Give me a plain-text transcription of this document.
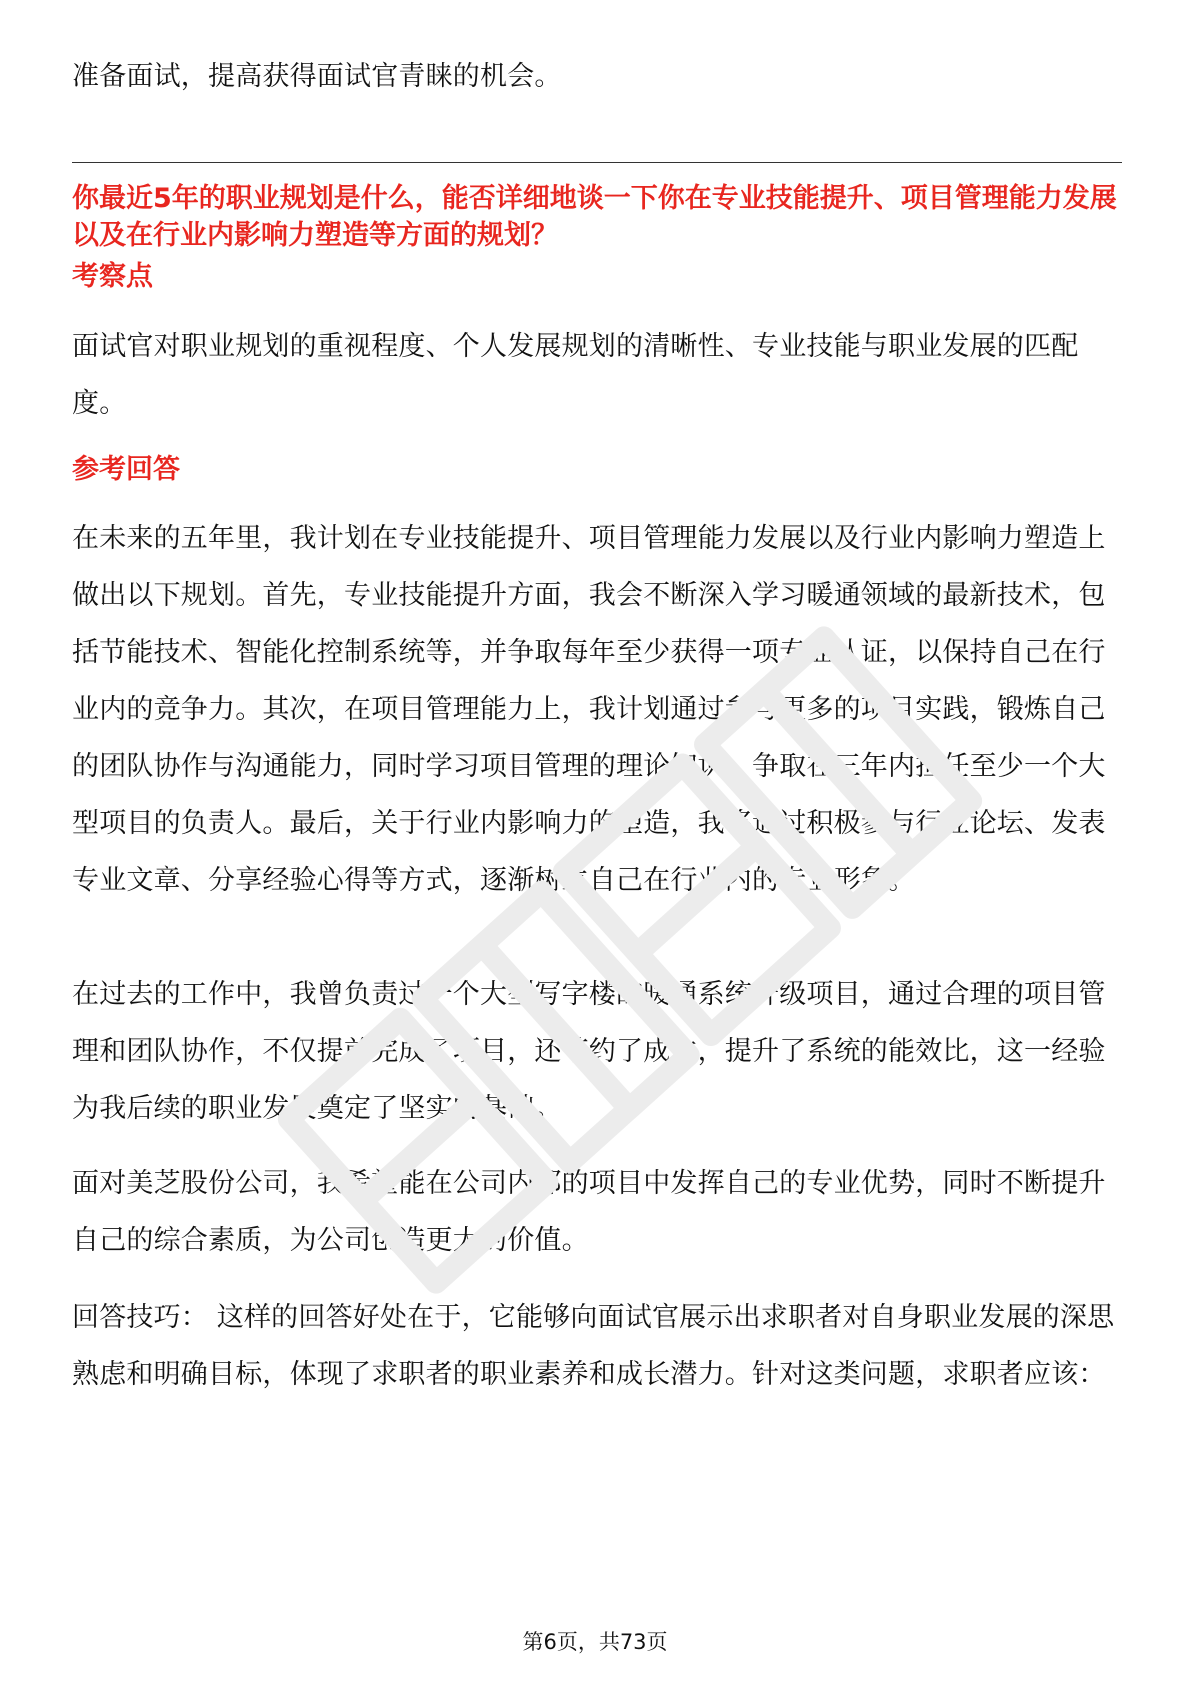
准备面试，提高获得面试官青睐的机会。

你最近5年的职业规划是什么，能否详细地谈一下你在专业技能提升、项目管理能力发展以及在行业内影响力塑造等方面的规划？

考察点

面试官对职业规划的重视程度、个人发展规划的清晰性、专业技能与职业发展的匹配度。

参考回答

在未来的五年里，我计划在专业技能提升、项目管理能力发展以及行业内影响力塑造上做出以下规划。首先，专业技能提升方面，我会不断深入学习暖通领域的最新技术，包括节能技术、智能化控制系统等，并争取每年至少获得一项专业认证，以保持自己在行业内的竞争力。其次，在项目管理能力上，我计划通过参与更多的项目实践，锻炼自己的团队协作与沟通能力，同时学习项目管理的理论知识，争取在三年内担任至少一个大型项目的负责人。最后，关于行业内影响力的塑造，我将通过积极参与行业论坛、发表专业文章、分享经验心得等方式，逐渐树立自己在行业内的专业形象。

在过去的工作中，我曾负责过一个大型写字楼的暖通系统升级项目，通过合理的项目管理和团队协作，不仅提前完成了项目，还节约了成本，提升了系统的能效比，这一经验为我后续的职业发展奠定了坚实的基础。

面对美芝股份公司，我希望能在公司内部的项目中发挥自己的专业优势，同时不断提升自己的综合素质，为公司创造更大的价值。

回答技巧： 这样的回答好处在于，它能够向面试官展示出求职者对自身职业发展的深思熟虑和明确目标，体现了求职者的职业素养和成长潜力。针对这类问题，求职者应该：

第6页，共73页
